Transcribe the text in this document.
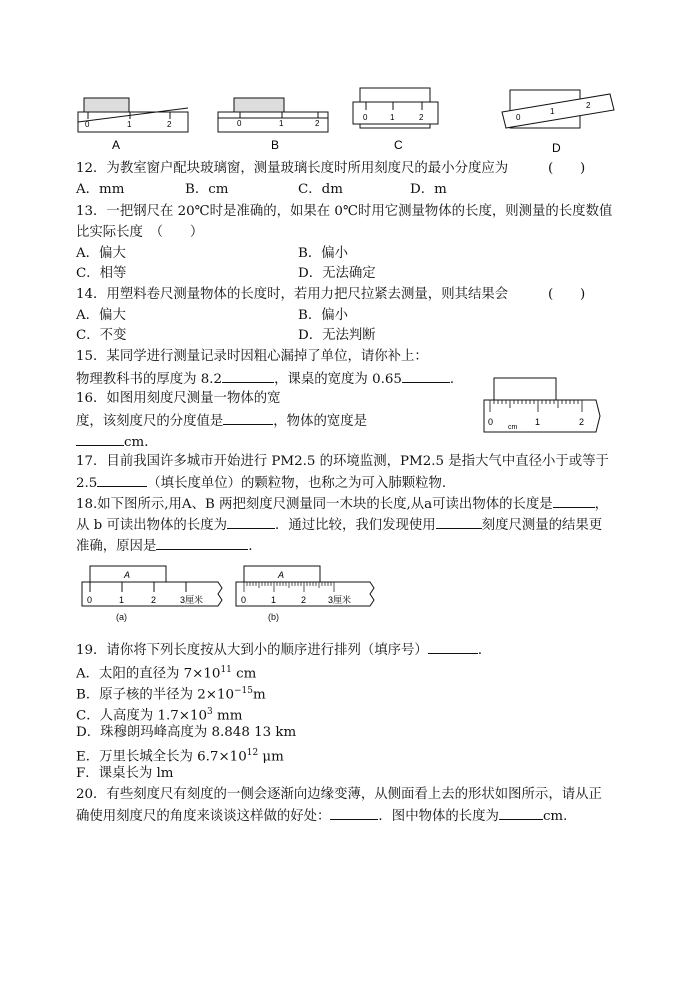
0	1	2	0	1	2
0	1	2	0
1
2
A	B	C	D
12．为教室窗户配块玻璃窗，测量玻璃长度时所用刻度尺的最小分度应为	(　　)
A．mm	B．cm	C．dm	D．m
13．一把钢尺在 20℃时是准确的，如果在 0℃时用它测量物体的长度，则测量的长度数值
比实际长度　（　　）
A．偏大	B．偏小
C．相等	D．无法确定
14．用塑料卷尺测量物体的长度时，若用力把尺拉紧去测量，则其结果会	(　　)
A．偏大	B．偏小
C．不变	D．无法判断
15．某同学进行测量记录时因粗心漏掉了单位，请你补上：
物理教科书的厚度为 8.2	，课桌的宽度为 0.65	．
16．如图用刻度尺测量一物体的宽
度，该刻度尺的分度值是	，物体的宽度是
cm．
0
cm
1	2
17．目前我国许多城市开始进行 PM2.5 的环境监测，PM2.5 是指大气中直径小于或等于
2.5	（填长度单位）的颗粒物，也称之为可入肺颗粒物．
18.如下图所示,用A、B 两把刻度尺测量同一木块的长度,从a可读出物体的长度是	，
从 b 可读出物体的长度为	．通过比较，我们发现使用	刻度尺测量的结果更
准确，原因是	．
A
0	1	2	3厘米
(a)
A
0	1	2 3厘米
(b)
19．请你将下列长度按从大到小的顺序进行排列（填序号）	．
A．太阳的直径为 $7\times 10^{11}$ cm
B．原子核的半径为 $2\times 10^{-15}m$
C．人高度为 $1.7\times 10^3$ mm
D．珠穆朗玛峰高度为 8.848 13 km
E．万里长城全长为 $6.7\times 10^{12}$ μm
F．课桌长为 lm
20．有些刻度尺有刻度的一侧会逐渐向边缘变薄，从侧面看上去的形状如图所示，请从正
确使用刻度尺的角度来谈谈这样做的好处：	．图中物体的长度为	cm．
